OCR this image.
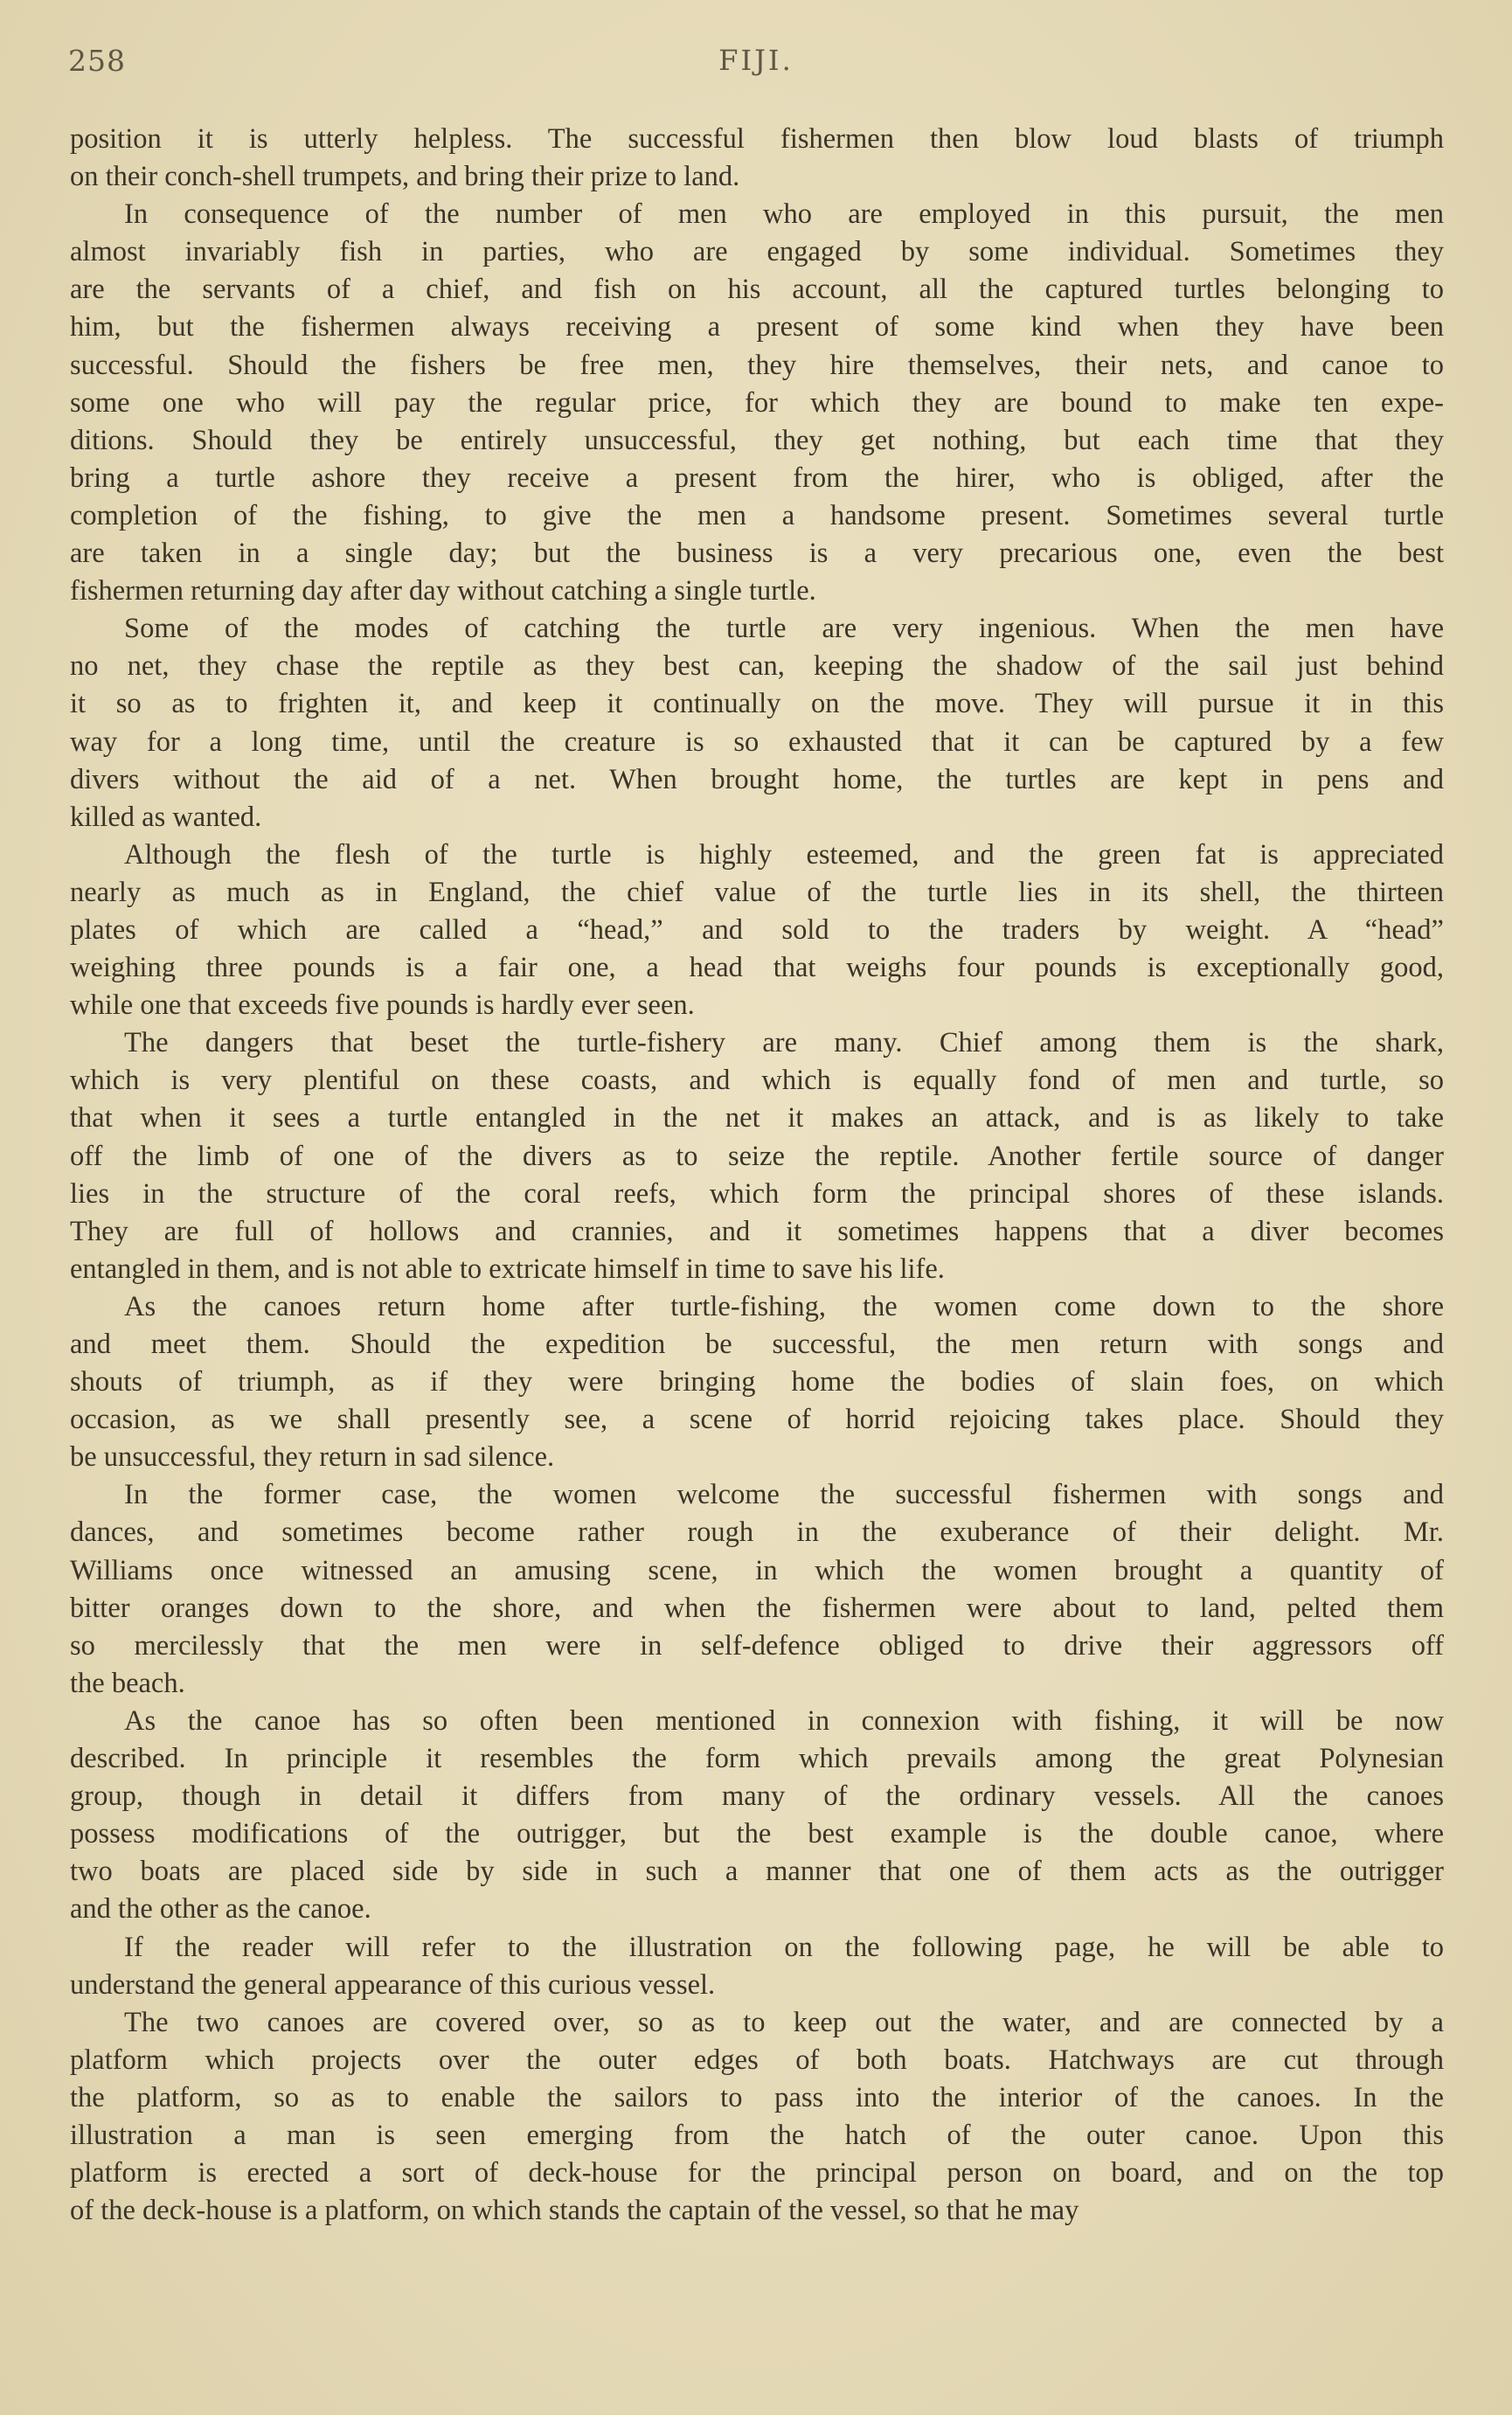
258	FIJI.
position it is utterly helpless. The successful fishermen then blow loud blasts of triumph
on their conch-shell trumpets, and bring their prize to land.
In consequence of the number of men who are employed in this pursuit, the men
almost invariably fish in parties, who are engaged by some individual. Sometimes they
are the servants of a chief, and fish on his account, all the captured turtles belonging to
him, but the fishermen always receiving a present of some kind when they have been
successful. Should the fishers be free men, they hire themselves, their nets, and canoe to
some one who will pay the regular price, for which they are bound to make ten expe-
ditions. Should they be entirely unsuccessful, they get nothing, but each time that they
bring a turtle ashore they receive a present from the hirer, who is obliged, after the
completion of the fishing, to give the men a handsome present. Sometimes several turtle
are taken in a single day; but the business is a very precarious one, even the best
fishermen returning day after day without catching a single turtle.
Some of the modes of catching the turtle are very ingenious. When the men have
no net, they chase the reptile as they best can, keeping the shadow of the sail just behind
it so as to frighten it, and keep it continually on the move. They will pursue it in this
way for a long time, until the creature is so exhausted that it can be captured by a few
divers without the aid of a net. When brought home, the turtles are kept in pens and
killed as wanted.
Although the flesh of the turtle is highly esteemed, and the green fat is appreciated
nearly as much as in England, the chief value of the turtle lies in its shell, the thirteen
plates of which are called a “head,” and sold to the traders by weight. A “head”
weighing three pounds is a fair one, a head that weighs four pounds is exceptionally good,
while one that exceeds five pounds is hardly ever seen.
The dangers that beset the turtle-fishery are many. Chief among them is the shark,
which is very plentiful on these coasts, and which is equally fond of men and turtle, so
that when it sees a turtle entangled in the net it makes an attack, and is as likely to take
off the limb of one of the divers as to seize the reptile. Another fertile source of danger
lies in the structure of the coral reefs, which form the principal shores of these islands.
They are full of hollows and crannies, and it sometimes happens that a diver becomes
entangled in them, and is not able to extricate himself in time to save his life.
As the canoes return home after turtle-fishing, the women come down to the shore
and meet them. Should the expedition be successful, the men return with songs and
shouts of triumph, as if they were bringing home the bodies of slain foes, on which
occasion, as we shall presently see, a scene of horrid rejoicing takes place. Should they
be unsuccessful, they return in sad silence.
In the former case, the women welcome the successful fishermen with songs and
dances, and sometimes become rather rough in the exuberance of their delight. Mr.
Williams once witnessed an amusing scene, in which the women brought a quantity of
bitter oranges down to the shore, and when the fishermen were about to land, pelted them
so mercilessly that the men were in self-defence obliged to drive their aggressors off
the beach.
As the canoe has so often been mentioned in connexion with fishing, it will be now
described. In principle it resembles the form which prevails among the great Polynesian
group, though in detail it differs from many of the ordinary vessels. All the canoes
possess modifications of the outrigger, but the best example is the double canoe, where
two boats are placed side by side in such a manner that one of them acts as the outrigger
and the other as the canoe.
If the reader will refer to the illustration on the following page, he will be able to
understand the general appearance of this curious vessel.
The two canoes are covered over, so as to keep out the water, and are connected by a
platform which projects over the outer edges of both boats. Hatchways are cut through
the platform, so as to enable the sailors to pass into the interior of the canoes. In the
illustration a man is seen emerging from the hatch of the outer canoe. Upon this
platform is erected a sort of deck-house for the principal person on board, and on the top
of the deck-house is a platform, on which stands the captain of the vessel, so that he may
